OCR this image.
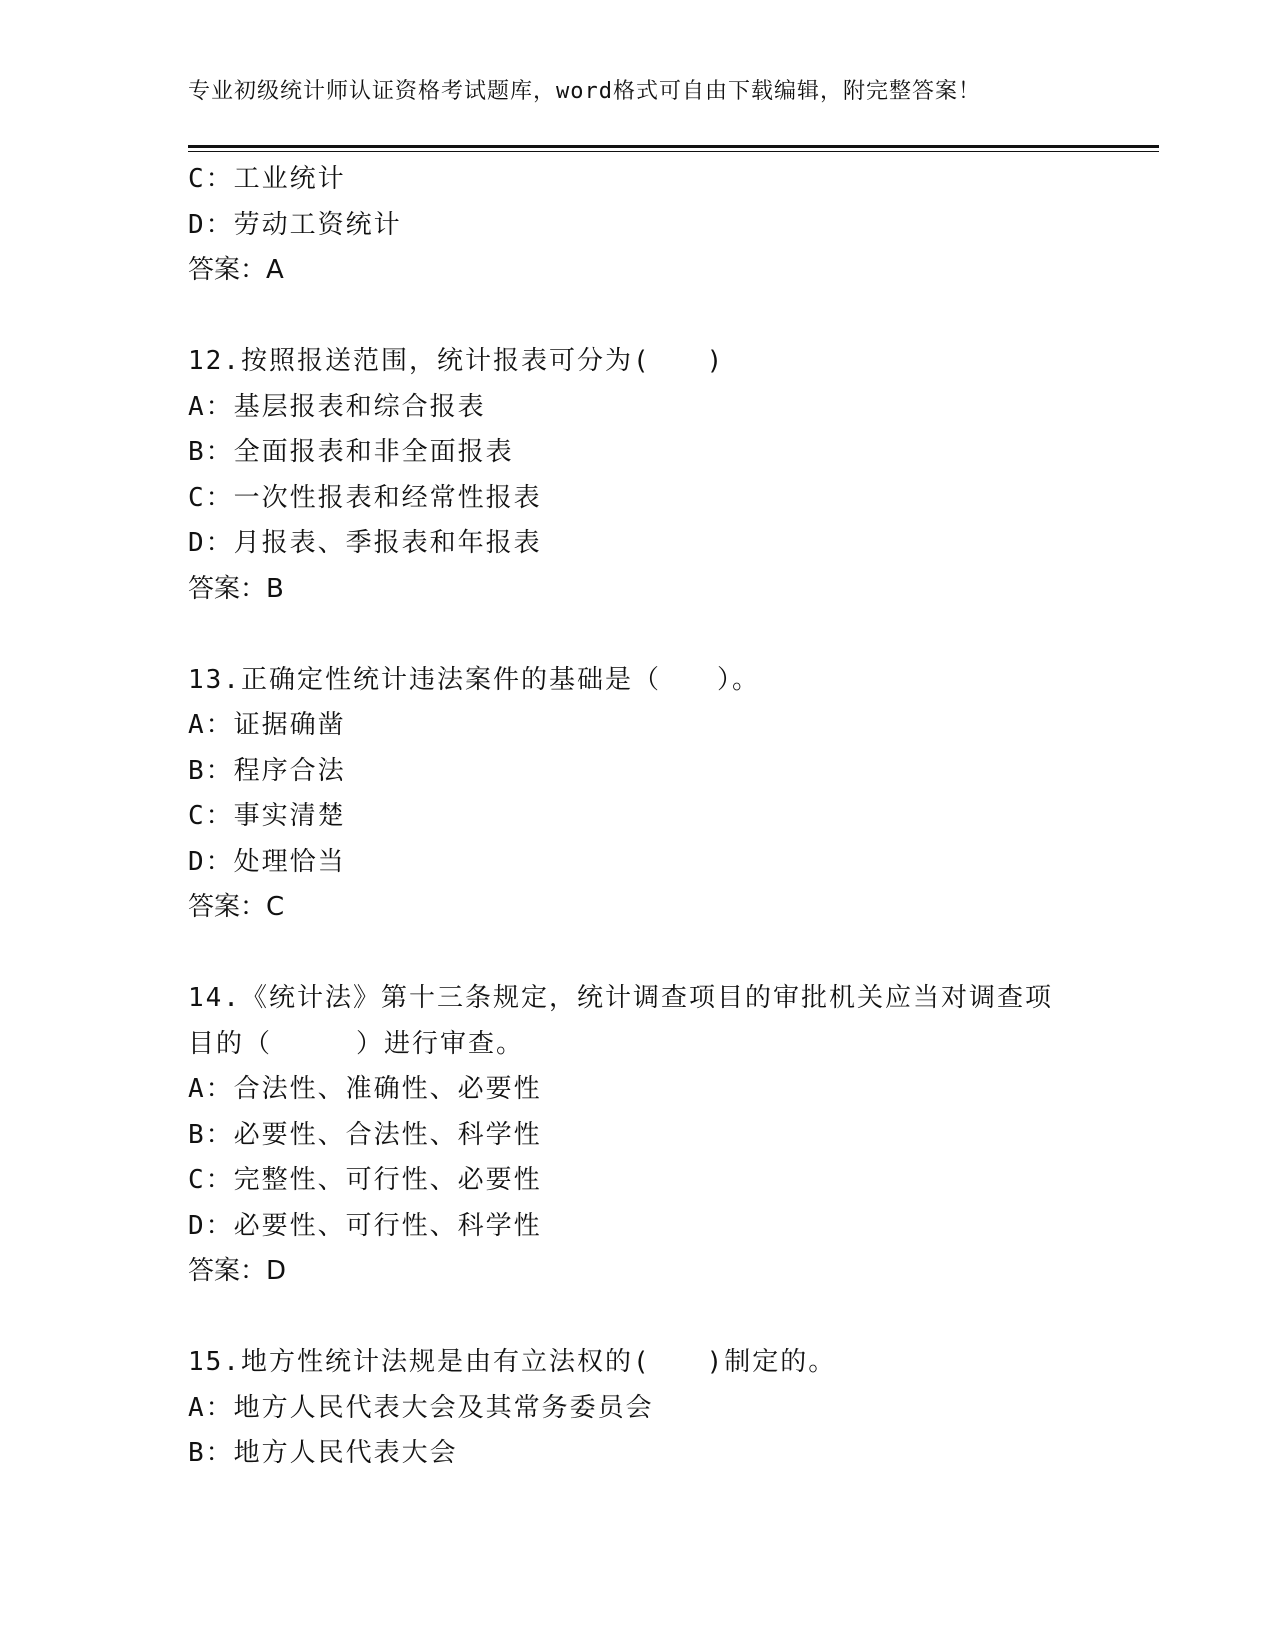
专业初级统计师认证资格考试题库，word格式可自由下载编辑，附完整答案！
C：工业统计
D：劳动工资统计
答案：A
12.按照报送范围，统计报表可分为(　　)
A：基层报表和综合报表
B：全面报表和非全面报表
C：一次性报表和经常性报表
D：月报表、季报表和年报表
答案：B
13.正确定性统计违法案件的基础是（　　）。
A：证据确凿
B：程序合法
C：事实清楚
D：处理恰当
答案：C
14.《统计法》第十三条规定，统计调查项目的审批机关应当对调查项
目的（　　　）进行审查。
A：合法性、准确性、必要性
B：必要性、合法性、科学性
C：完整性、可行性、必要性
D：必要性、可行性、科学性
答案：D
15.地方性统计法规是由有立法权的(　　)制定的。
A：地方人民代表大会及其常务委员会
B：地方人民代表大会
